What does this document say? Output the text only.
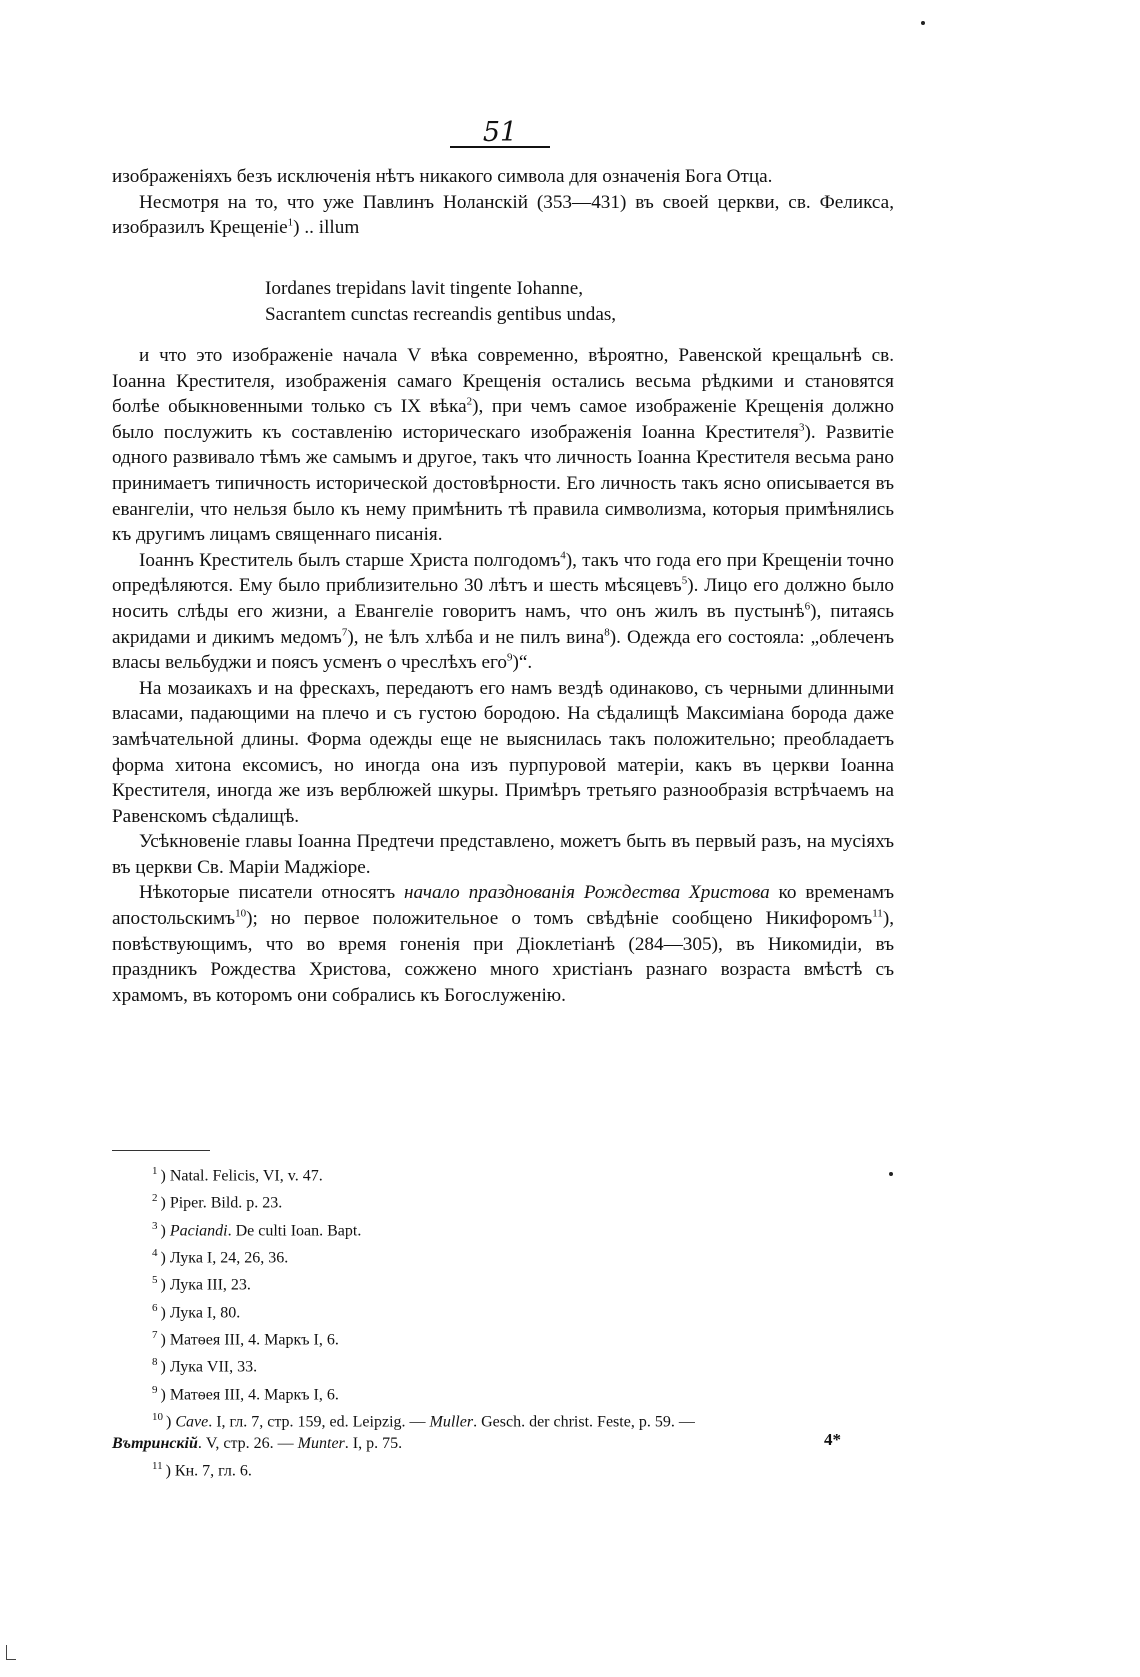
51

изображеніяхъ безъ исключенія нѣтъ никакого символа для означенія Бога Отца.

Несмотря на то, что уже Павлинъ Ноланскій (353—431) въ своей церкви, св. Феликса, изобразилъ Крещеніе$^1$) .. illum

Iordanes trepidans lavit tingente Iohanne,
Sacrantem cunctas recreandis gentibus undas,

и что это изображеніе начала V вѣка современно, вѣроятно, Равенской крещальнѣ св. Іоанна Крестителя, изображенія самаго Крещенія остались весьма рѣдкими и становятся болѣе обыкновенными только съ IX вѣка$^2$), при чемъ самое изображеніе Крещенія должно было послужить къ составленію историческаго изображенія Іоанна Крестителя$^3$). Развитіе одного развивало тѣмъ же самымъ и другое, такъ что личность Іоанна Крестителя весьма рано принимаетъ типичность исторической достовѣрности. Его личность такъ ясно описывается въ евангеліи, что нельзя было къ нему примѣнить тѣ правила символизма, которыя примѣнялись къ другимъ лицамъ священнаго писанія.

Іоаннъ Креститель былъ старше Христа полгодомъ$^4$), такъ что года его при Крещеніи точно опредѣляются. Ему было приблизительно 30 лѣтъ и шесть мѣсяцевъ$^5$). Лицо его должно было носить слѣды его жизни, а Евангеліе говоритъ намъ, что онъ жилъ въ пустынѣ$^6$), питаясь акридами и дикимъ медомъ$^7$), не ѣлъ хлѣба и не пилъ вина$^8$). Одежда его состояла: „облеченъ власы вельбуджи и поясъ усменъ о чреслѣхъ его$^9$)“.

На мозаикахъ и на фрескахъ, передаютъ его намъ вездѣ одинаково, съ черными длинными власами, падающими на плечо и съ густою бородою. На сѣдалищѣ Максиміана борода даже замѣчательной длины. Форма одежды еще не выяснилась такъ положительно; преобладаетъ форма хитона ексомисъ, но иногда она изъ пурпуровой матеріи, какъ въ церкви Іоанна Крестителя, иногда же изъ верблюжей шкуры. Примѣръ третьяго разнообразія встрѣчаемъ на Равенскомъ сѣдалищѣ.

Усѣкновеніе главы Іоанна Предтечи представлено, можетъ быть въ первый разъ, на мусіяхъ въ церкви Св. Маріи Маджіоре.

Нѣкоторые писатели относятъ начало празднованія Рождества Христова ко временамъ апостольскимъ$^{10}$); но первое положительное о томъ свѣдѣніе сообщено Никифоромъ$^{11}$), повѣствующимъ, что во время гоненія при Діоклетіанѣ (284—305), въ Никомидіи, въ праздникъ Рождества Христова, сожжено много христіанъ разнаго возраста вмѣстѣ съ храмомъ, въ которомъ они собрались къ Богослуженію.

$^1$ ) Natal. Felicis, VI, v. 47.
$^2$ ) Piper. Bild. p. 23.
$^3$ ) Paciandi. De culti Ioan. Bapt.
$^4$ ) Лука I, 24, 26, 36.
$^5$ ) Лука III, 23.
$^6$ ) Лука I, 80.
$^7$ ) Матѳея III, 4. Маркъ I, 6.
$^8$ ) Лука VII, 33.
$^9$ ) Матѳея III, 4. Маркъ I, 6.
$^{10}$ ) Cave. I, гл. 7, стр. 159, ed. Leipzig. — Muller. Gesch. der christ. Feste, p. 59. —
Вътринскій. V, стр. 26. — Munter. I, p. 75.
$^{11}$ ) Кн. 7, гл. 6.
4*
